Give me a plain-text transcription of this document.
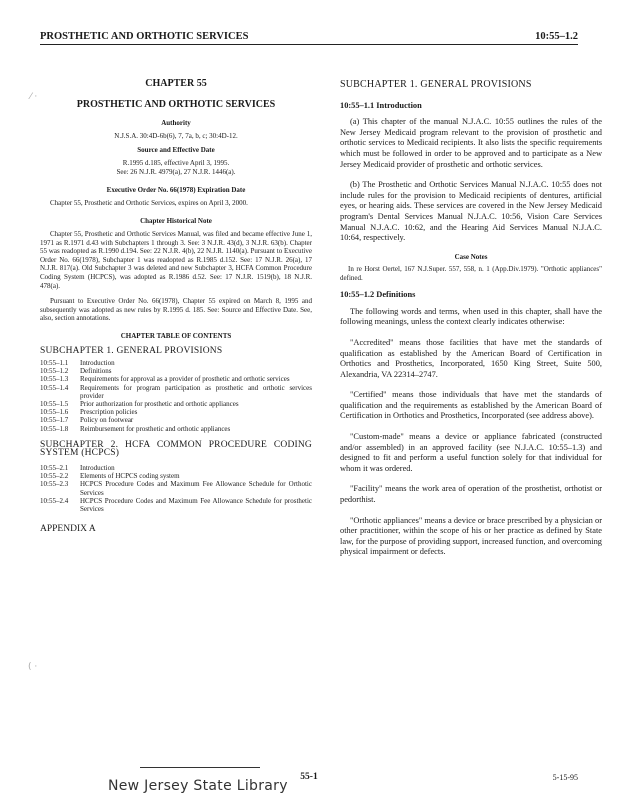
PROSTHETIC AND ORTHOTIC SERVICES	10:55–1.2
⁄ ·
( ·
CHAPTER 55
PROSTHETIC AND ORTHOTIC SERVICES
Authority

N.J.S.A. 30:4D-6b(6), 7, 7a, b, c; 30:4D-12.

Source and Effective Date
R.1995 d.185, effective April 3, 1995.

See: 26 N.J.R. 4979(a), 27 N.J.R. 1446(a).

Executive Order No. 66(1978) Expiration Date

Chapter 55, Prosthetic and Orthotic Services, expires on April 3, 2000.

Chapter Historical Note

Chapter 55, Prosthetic and Orthotic Services Manual, was filed and became effective June 1, 1971 as R.1971 d.43 with Subchapters 1 through 3. See: 3 N.J.R. 43(d), 3 N.J.R. 63(b). Chapter 55 was readopted as R.1990 d.194. See: 22 N.J.R. 4(b), 22 N.J.R. 1140(a). Pursuant to Executive Order No. 66(1978), Subchapter 1 was readopted as R.1985 d.152. See: 17 N.J.R. 26(a), 17 N.J.R. 817(a). Old Subchapter 3 was deleted and new Subchapter 3, HCFA Common Procedure Coding System (HCPCS), was adopted as R.1986 d.52. See: 17 N.J.R. 1519(b), 18 N.J.R. 478(a).

Pursuant to Executive Order No. 66(1978), Chapter 55 expired on March 8, 1995 and subsequently was adopted as new rules by R.1995 d. 185. See: Source and Effective Date. See, also, section annotations.

CHAPTER TABLE OF CONTENTS
SUBCHAPTER 1. GENERAL PROVISIONS
10:55–1.1	Introduction
10:55–1.2	Definitions
10:55–1.3	Requirements for approval as a provider of prosthetic and orthotic services
10:55–1.4	Requirements for program participation as prosthetic and orthotic services provider
10:55–1.5	Prior authorization for prosthetic and orthotic appliances
10:55–1.6	Prescription policies
10:55–1.7	Policy on footwear
10:55–1.8	Reimbursement for prosthetic and orthotic appliances
SUBCHAPTER 2. HCFA COMMON PROCEDURE CODING SYSTEM (HCPCS)
10:55–2.1	Introduction
10:55–2.2	Elements of HCPCS coding system
10:55–2.3	HCPCS Procedure Codes and Maximum Fee Allowance Schedule for Orthotic Services
10:55–2.4	HCPCS Procedure Codes and Maximum Fee Allowance Schedule for prosthetic Services
APPENDIX A
SUBCHAPTER 1. GENERAL PROVISIONS
10:55–1.1 Introduction

(a) This chapter of the manual N.J.A.C. 10:55 outlines the rules of the New Jersey Medicaid program relevant to the provision of prosthetic and orthotic services to Medicaid recipients. It also lists the specific requirements which must be followed in order to be approved and to participate as a New Jersey Medicaid provider of prosthetic and orthotic services.

(b) The Prosthetic and Orthotic Services Manual N.J.A.C. 10:55 does not include rules for the provision to Medicaid recipients of dentures, artificial eyes, or hearing aids. These services are covered in the New Jersey Medicaid program's Dental Services Manual N.J.A.C. 10:56, Vision Care Services Manual N.J.A.C. 10:62, and the Hearing Aid Services Manual N.J.A.C. 10:64, respectively.

Case Notes

In re Horst Oertel, 167 N.J.Super. 557, 558, n. 1 (App.Div.1979). "Orthotic appliances" defined.

10:55–1.2 Definitions

The following words and terms, when used in this chapter, shall have the following meanings, unless the context clearly indicates otherwise:

"Accredited" means those facilities that have met the standards of qualification as established by the American Board of Certification in Orthotics and Prosthetics, Incorporated, 1650 King Street, Suite 500, Alexandria, VA 22314–2747.

"Certified" means those individuals that have met the standards of qualification and the requirements as established by the American Board of Certification in Orthotics and Prosthetics, Incorporated (see address above).

"Custom-made" means a device or appliance fabricated (constructed and/or assembled) in an approved facility (see N.J.A.C. 10:55–1.3) and designed to fit and perform a useful function solely for that individual for whom it was ordered.

"Facility" means the work area of operation of the prosthetist, orthotist or pedorthist.

"Orthotic appliances" means a device or brace prescribed by a physician or other practitioner, within the scope of his or her practice as defined by State law, for the purpose of providing support, increased function, and overcoming physical impairment or defects.

55-1	5-15-95
New Jersey State Library
